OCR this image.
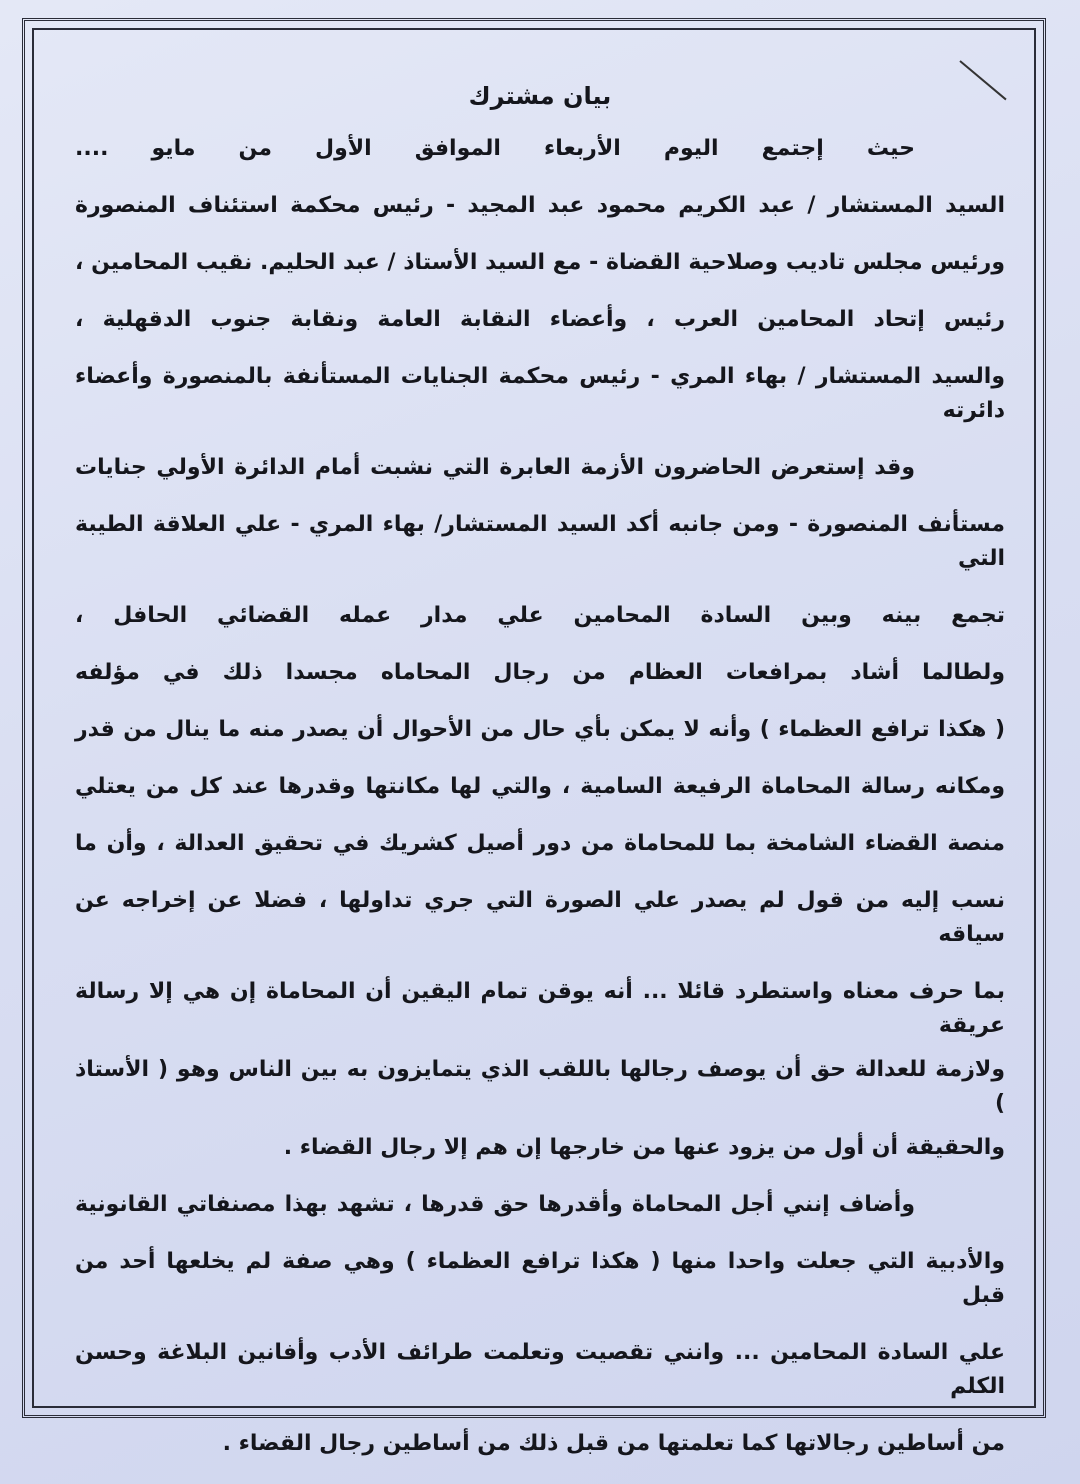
بيان مشترك
حيث إجتمع اليوم الأربعاء الموافق الأول من مايو ....
السيد المستشار / عبد الكريم محمود عبد المجيد - رئيس محكمة استئناف المنصورة
ورئيس مجلس تاديب وصلاحية القضاة - مع السيد الأستاذ / عبد الحليم. نقيب المحامين ،
رئيس إتحاد المحامين العرب ، وأعضاء النقابة العامة ونقابة جنوب الدقهلية ،
والسيد المستشار / بهاء المري - رئيس محكمة الجنايات المستأنفة بالمنصورة وأعضاء دائرته
وقد إستعرض الحاضرون الأزمة العابرة التي نشبت أمام الدائرة الأولي جنايات
مستأنف المنصورة - ومن جانبه أكد السيد المستشار/ بهاء المري - علي العلاقة الطيبة التي
تجمع بينه وبين السادة المحامين علي مدار عمله القضائي الحافل ،
ولطالما أشاد بمرافعات العظام من رجال المحاماه مجسدا ذلك في مؤلفه
( هكذا ترافع العظماء ) وأنه لا يمكن بأي حال من الأحوال أن يصدر منه ما ينال من قدر
ومكانه رسالة المحاماة الرفيعة السامية ، والتي لها مكانتها وقدرها عند كل من يعتلي
منصة القضاء الشامخة بما للمحاماة من دور أصيل كشريك في تحقيق العدالة ، وأن ما
نسب إليه من قول لم يصدر علي الصورة التي جري تداولها ، فضلا عن إخراجه عن سياقه
بما حرف معناه واستطرد قائلا ... أنه يوقن تمام اليقين أن المحاماة إن هي إلا رسالة عريقة
ولازمة للعدالة حق أن يوصف رجالها باللقب الذي يتمايزون به بين الناس وهو ( الأستاذ )
والحقيقة أن أول من يزود عنها من خارجها إن هم إلا رجال القضاء .
وأضاف إنني أجل المحاماة وأقدرها حق قدرها ، تشهد بهذا مصنفاتي القانونية
والأدبية التي جعلت واحدا منها ( هكذا ترافع العظماء ) وهي صفة لم يخلعها أحد من قبل
علي السادة المحامين ... وانني تقصيت وتعلمت طرائف الأدب وأفانين البلاغة وحسن الكلم
من أساطين رجالاتها كما تعلمتها من قبل ذلك من أساطين رجال القضاء .
